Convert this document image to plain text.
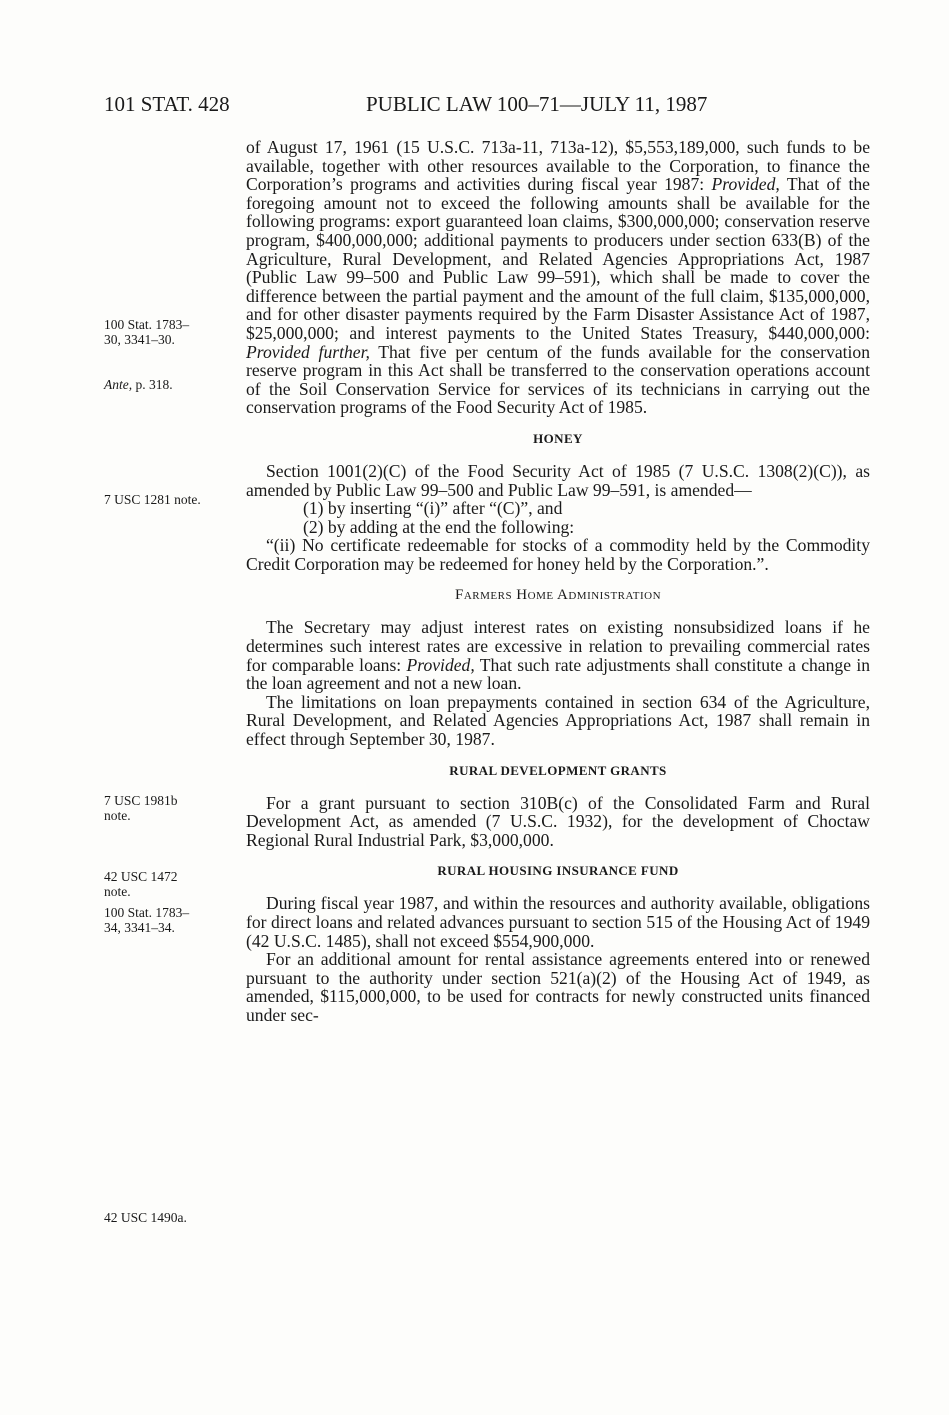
101 STAT. 428	PUBLIC LAW 100–71—JULY 11, 1987
100 Stat. 1783–
30, 3341–30.
Ante, p. 318.
7 USC 1281 note.
7 USC 1981b
note.
42 USC 1472
note.
100 Stat. 1783–
34, 3341–34.
42 USC 1490a.

of August 17, 1961 (15 U.S.C. 713a-11, 713a-12), $5,553,189,000, such funds to be available, together with other resources available to the Corporation, to finance the Corporation’s programs and activities during fiscal year 1987: Provided, That of the foregoing amount not to exceed the following amounts shall be available for the following programs: export guaranteed loan claims, $300,000,000; conservation reserve program, $400,000,000; additional payments to producers under section 633(B) of the Agriculture, Rural Development, and Related Agencies Appropriations Act, 1987 (Public Law 99–500 and Public Law 99–591), which shall be made to cover the difference between the partial payment and the amount of the full claim, $135,000,000, and for other disaster payments required by the Farm Disaster Assistance Act of 1987, $25,000,000; and interest payments to the United States Treasury, $440,000,000: Provided further, That five per centum of the funds available for the conservation reserve program in this Act shall be transferred to the conservation operations account of the Soil Conservation Service for services of its technicians in carrying out the conservation programs of the Food Security Act of 1985.

HONEY

Section 1001(2)(C) of the Food Security Act of 1985 (7 U.S.C. 1308(2)(C)), as amended by Public Law 99–500 and Public Law 99–591, is amended—

(1) by inserting “(i)” after “(C)”, and

(2) by adding at the end the following:

“(ii) No certificate redeemable for stocks of a commodity held by the Commodity Credit Corporation may be redeemed for honey held by the Corporation.”.

Farmers Home Administration

The Secretary may adjust interest rates on existing nonsubsidized loans if he determines such interest rates are excessive in relation to prevailing commercial rates for comparable loans: Provided, That such rate adjustments shall constitute a change in the loan agreement and not a new loan.

The limitations on loan prepayments contained in section 634 of the Agriculture, Rural Development, and Related Agencies Appropriations Act, 1987 shall remain in effect through September 30, 1987.

RURAL DEVELOPMENT GRANTS

For a grant pursuant to section 310B(c) of the Consolidated Farm and Rural Development Act, as amended (7 U.S.C. 1932), for the development of Choctaw Regional Rural Industrial Park, $3,000,000.

RURAL HOUSING INSURANCE FUND

During fiscal year 1987, and within the resources and authority available, obligations for direct loans and related advances pursuant to section 515 of the Housing Act of 1949 (42 U.S.C. 1485), shall not exceed $554,900,000.

For an additional amount for rental assistance agreements entered into or renewed pursuant to the authority under section 521(a)(2) of the Housing Act of 1949, as amended, $115,000,000, to be used for contracts for newly constructed units financed under sec-
